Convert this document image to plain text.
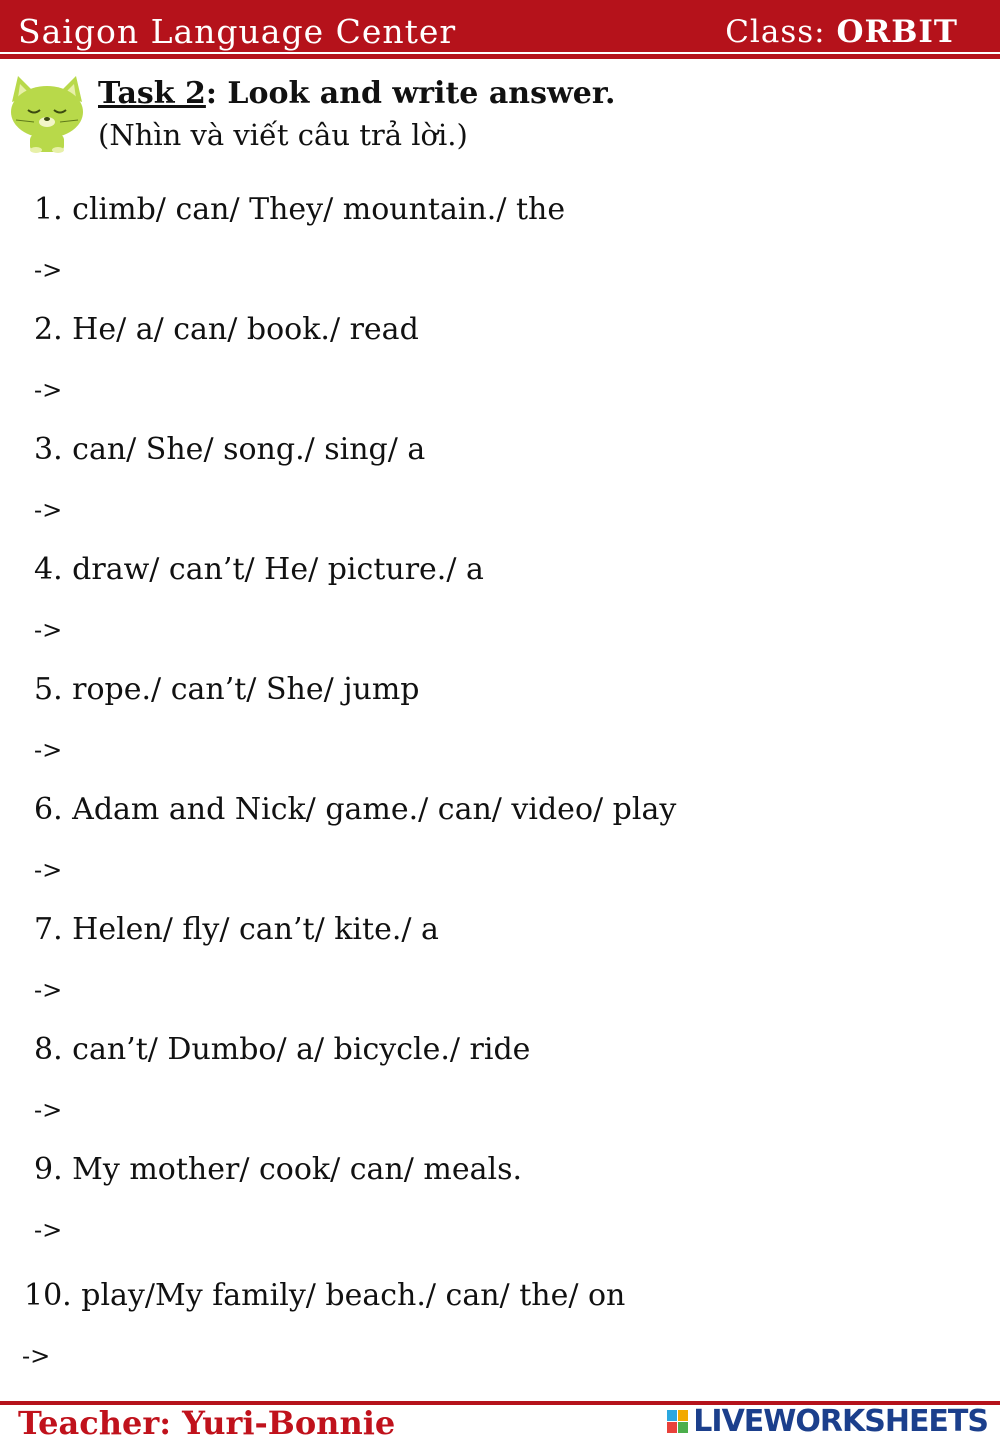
Saigon Language Center	Class: ORBIT
Task 2: Look and write answer.
(Nhìn và viết câu trả lời.)
1. climb/ can/ They/ mountain./ the
->
2. He/ a/ can/ book./ read
->
3. can/ She/ song./ sing/ a
->
4. draw/ can’t/ He/ picture./ a
->
5. rope./ can’t/ She/ jump
->
6. Adam and Nick/ game./ can/ video/ play
->
7. Helen/ fly/ can’t/ kite./ a
->
8. can’t/ Dumbo/ a/ bicycle./ ride
->
9. My mother/ cook/ can/ meals.
->
10. play/My family/ beach./ can/ the/ on
->
Teacher: Yuri-Bonnie	LIVEWORKSHEETS
